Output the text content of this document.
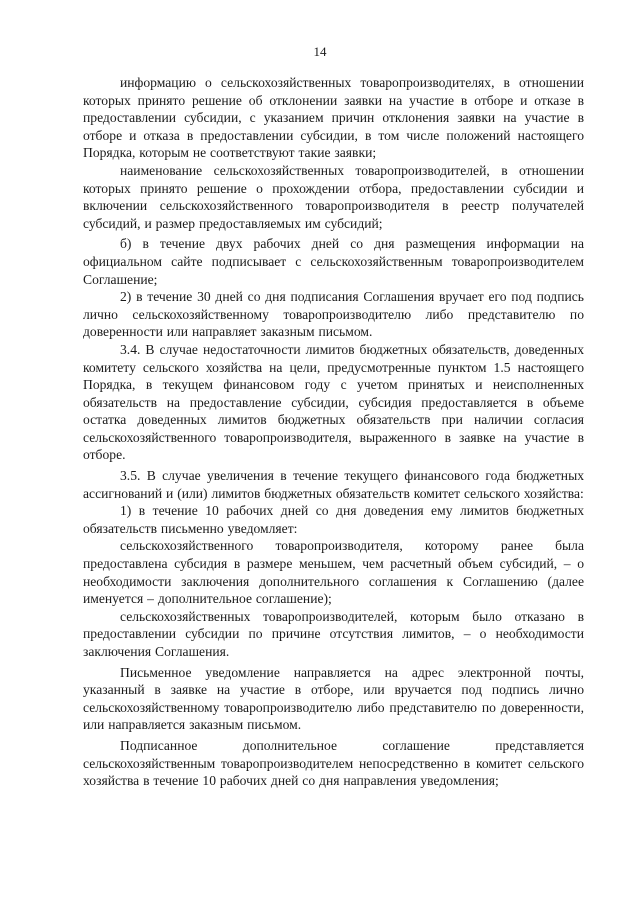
14

информацию о сельскохозяйственных товаропроизводителях, в отношении которых принято решение об отклонении заявки на участие в отборе и отказе в предоставлении субсидии, с указанием причин отклонения заявки на участие в отборе и отказа в предоставлении субсидии, в том числе положений настоящего Порядка, которым не соответствуют такие заявки;

наименование сельскохозяйственных товаропроизводителей, в отношении которых принято решение о прохождении отбора, предоставлении субсидии и включении сельскохозяйственного товаропроизводителя в реестр получателей субсидий, и размер предоставляемых им субсидий;

б) в течение двух рабочих дней со дня размещения информации на официальном сайте подписывает с сельскохозяйственным товаропроизводителем Соглашение;

2) в течение 30 дней со дня подписания Соглашения вручает его под подпись лично сельскохозяйственному товаропроизводителю либо представителю по доверенности или направляет заказным письмом.

3.4. В случае недостаточности лимитов бюджетных обязательств, доведенных комитету сельского хозяйства на цели, предусмотренные пунктом 1.5 настоящего Порядка, в текущем финансовом году с учетом принятых и неисполненных обязательств на предоставление субсидии, субсидия предоставляется в объеме остатка доведенных лимитов бюджетных обязательств при наличии согласия сельскохозяйственного товаропроизводителя, выраженного в заявке на участие в отборе.

3.5. В случае увеличения в течение текущего финансового года бюджетных ассигнований и (или) лимитов бюджетных обязательств комитет сельского хозяйства:

1) в течение 10 рабочих дней со дня доведения ему лимитов бюджетных обязательств письменно уведомляет:

сельскохозяйственного товаропроизводителя, которому ранее была предоставлена субсидия в размере меньшем, чем расчетный объем субсидий, – о необходимости заключения дополнительного соглашения к Соглашению (далее именуется – дополнительное соглашение);

сельскохозяйственных товаропроизводителей, которым было отказано в предоставлении субсидии по причине отсутствия лимитов, – о необходимости заключения Соглашения.

Письменное уведомление направляется на адрес электронной почты, указанный в заявке на участие в отборе, или вручается под подпись лично сельскохозяйственному товаропроизводителю либо представителю по доверенности, или направляется заказным письмом.

Подписанное дополнительное соглашение представляется сельскохозяйственным товаропроизводителем непосредственно в комитет сельского хозяйства в течение 10 рабочих дней со дня направления уведомления;
